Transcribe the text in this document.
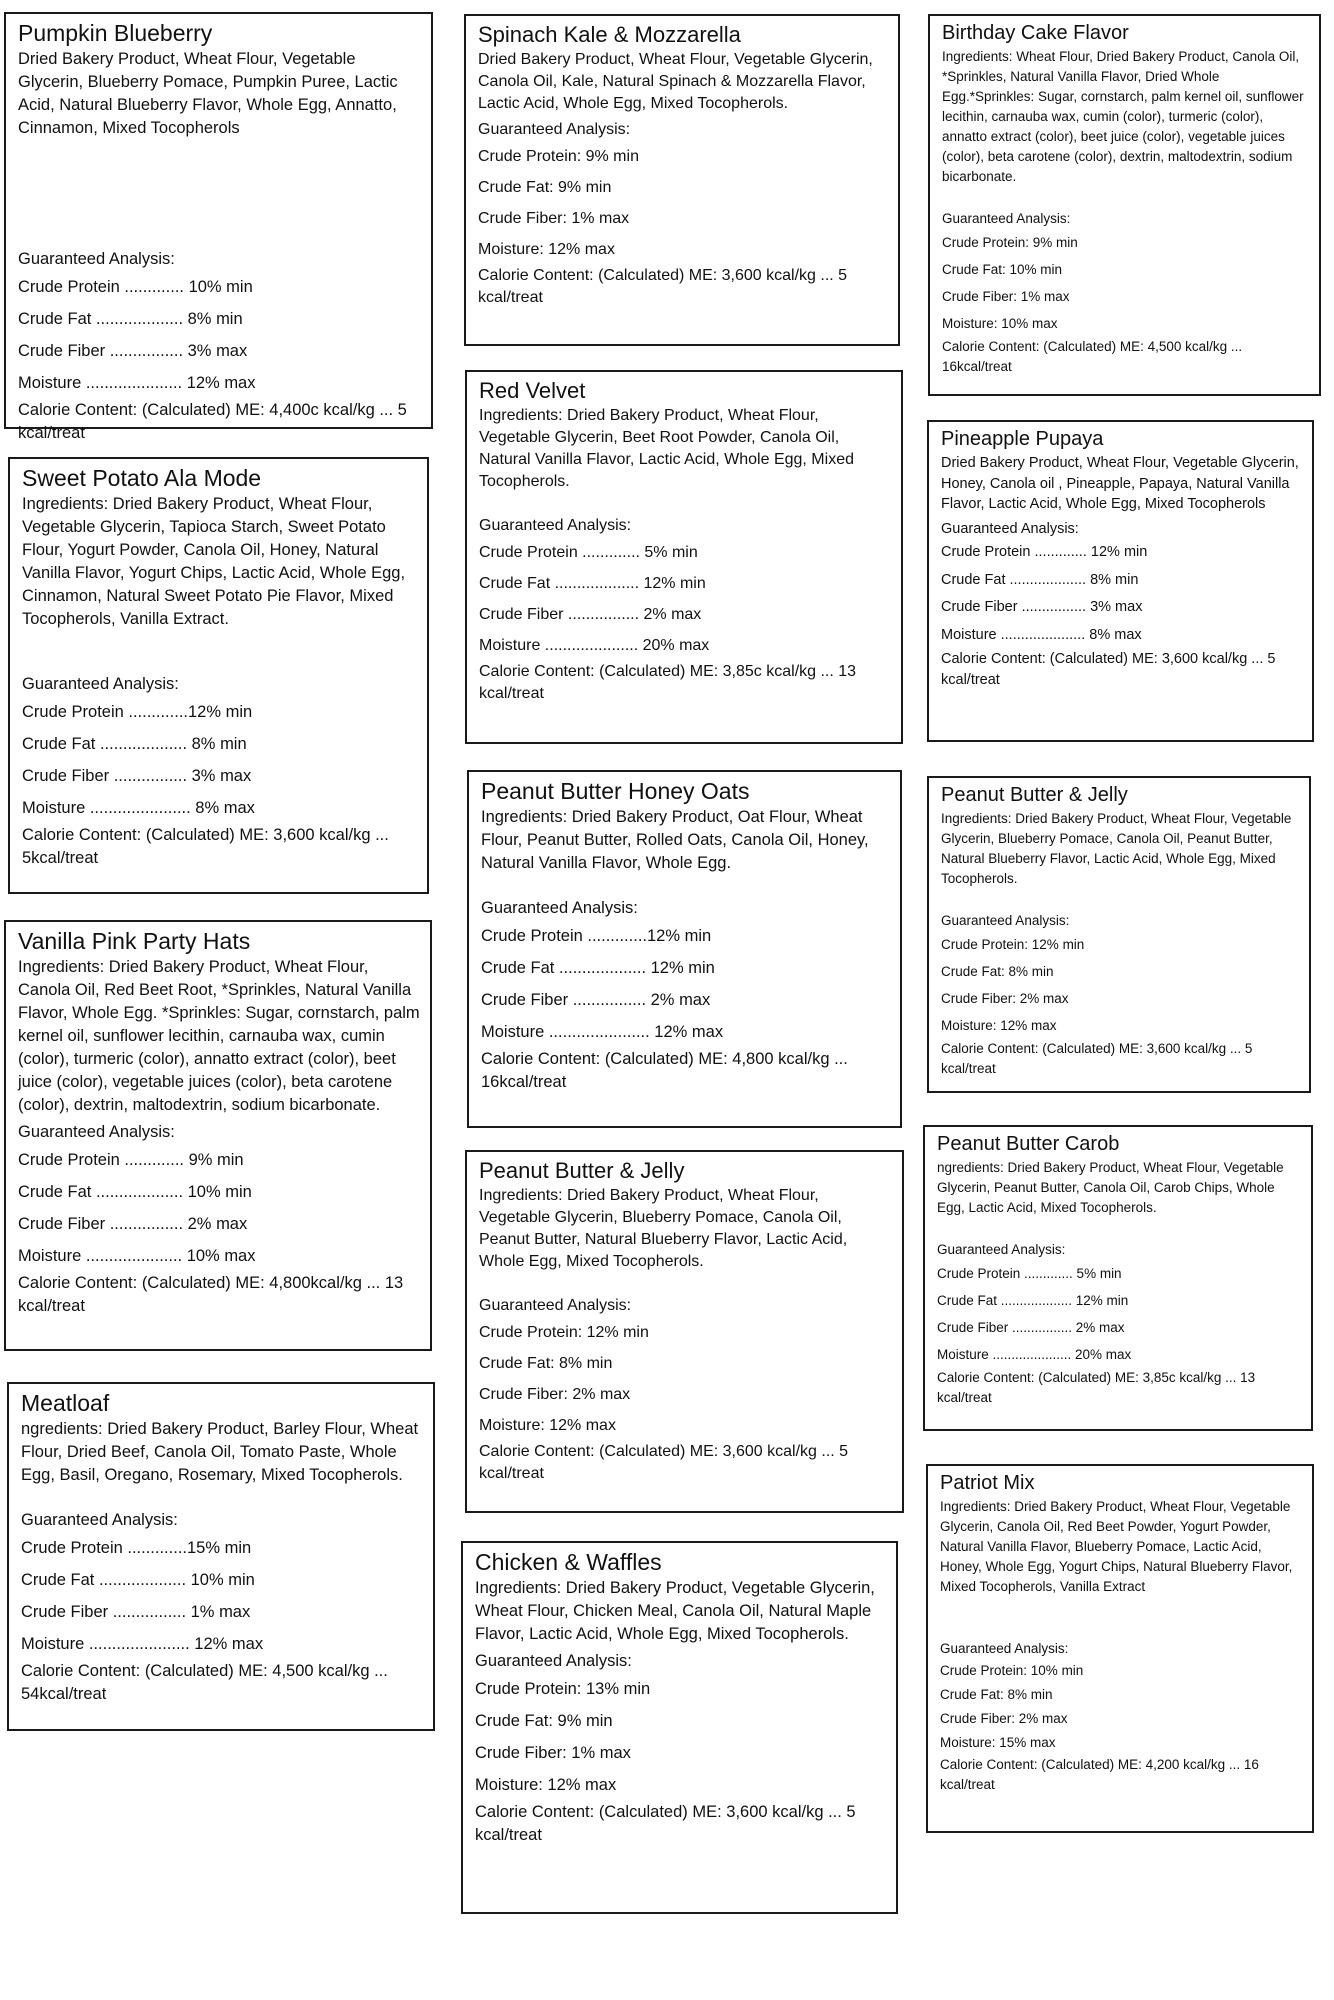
Pumpkin Blueberry

Dried Bakery Product, Wheat Flour, Vegetable Glycerin, Blueberry Pomace, Pumpkin Puree, Lactic Acid, Natural Blueberry Flavor, Whole Egg, Annatto, Cinnamon, Mixed Tocopherols

Guaranteed Analysis:

Crude Protein ............. 10% min

Crude Fat ................... 8% min

Crude Fiber ................ 3% max

Moisture ..................... 12% max

Calorie Content: (Calculated) ME: 4,400c kcal/kg ... 5 kcal/treat

Sweet Potato Ala Mode

Ingredients: Dried Bakery Product, Wheat Flour, Vegetable Glycerin, Tapioca Starch, Sweet Potato Flour, Yogurt Powder, Canola Oil, Honey, Natural Vanilla Flavor, Yogurt Chips, Lactic Acid, Whole Egg, Cinnamon, Natural Sweet Potato Pie Flavor, Mixed Tocopherols, Vanilla Extract.

Guaranteed Analysis:

Crude Protein .............12% min

Crude Fat ................... 8% min

Crude Fiber ................ 3% max

Moisture ...................... 8% max

Calorie Content: (Calculated) ME: 3,600 kcal/kg ... 5kcal/treat

Vanilla Pink Party Hats

Ingredients: Dried Bakery Product, Wheat Flour, Canola Oil, Red Beet Root, *Sprinkles, Natural Vanilla Flavor, Whole Egg. *Sprinkles: Sugar, cornstarch, palm kernel oil, sunflower lecithin, carnauba wax, cumin (color), turmeric (color), annatto extract (color), beet juice (color), vegetable juices (color), beta carotene (color), dextrin, maltodextrin, sodium bicarbonate.

Guaranteed Analysis:

Crude Protein ............. 9% min

Crude Fat ................... 10% min

Crude Fiber ................ 2% max

Moisture ..................... 10% max

Calorie Content: (Calculated) ME: 4,800kcal/kg ... 13 kcal/treat

Meatloaf

ngredients: Dried Bakery Product, Barley Flour, Wheat Flour, Dried Beef, Canola Oil, Tomato Paste, Whole Egg, Basil, Oregano, Rosemary, Mixed Tocopherols.

Guaranteed Analysis:

Crude Protein .............15% min

Crude Fat ................... 10% min

Crude Fiber ................ 1% max

Moisture ...................... 12% max

Calorie Content: (Calculated) ME: 4,500 kcal/kg ... 54kcal/treat

Spinach Kale & Mozzarella

Dried Bakery Product, Wheat Flour, Vegetable Glycerin, Canola Oil, Kale, Natural Spinach & Mozzarella Flavor, Lactic Acid, Whole Egg, Mixed Tocopherols.

Guaranteed Analysis:

Crude Protein: 9% min

Crude Fat: 9% min

Crude Fiber: 1% max

Moisture: 12% max

Calorie Content: (Calculated) ME: 3,600 kcal/kg ... 5 kcal/treat

Red Velvet

Ingredients: Dried Bakery Product, Wheat Flour, Vegetable Glycerin, Beet Root Powder, Canola Oil, Natural Vanilla Flavor, Lactic Acid, Whole Egg, Mixed Tocopherols.

Guaranteed Analysis:

Crude Protein ............. 5% min

Crude Fat ................... 12% min

Crude Fiber ................ 2% max

Moisture ..................... 20% max

Calorie Content: (Calculated) ME: 3,85c kcal/kg ... 13 kcal/treat

Peanut Butter Honey Oats

Ingredients: Dried Bakery Product, Oat Flour, Wheat Flour, Peanut Butter, Rolled Oats, Canola Oil, Honey, Natural Vanilla Flavor, Whole Egg.

Guaranteed Analysis:

Crude Protein .............12% min

Crude Fat ................... 12% min

Crude Fiber ................ 2% max

Moisture ...................... 12% max

Calorie Content: (Calculated) ME: 4,800 kcal/kg ... 16kcal/treat

Peanut Butter & Jelly

Ingredients: Dried Bakery Product, Wheat Flour, Vegetable Glycerin, Blueberry Pomace, Canola Oil, Peanut Butter, Natural Blueberry Flavor, Lactic Acid, Whole Egg, Mixed Tocopherols.

Guaranteed Analysis:

Crude Protein: 12% min

Crude Fat: 8% min

Crude Fiber: 2% max

Moisture: 12% max

Calorie Content: (Calculated) ME: 3,600 kcal/kg ... 5 kcal/treat

Chicken & Waffles

Ingredients: Dried Bakery Product, Vegetable Glycerin, Wheat Flour, Chicken Meal, Canola Oil, Natural Maple Flavor, Lactic Acid, Whole Egg, Mixed Tocopherols.

Guaranteed Analysis:

Crude Protein: 13% min

Crude Fat: 9% min

Crude Fiber: 1% max

Moisture: 12% max

Calorie Content: (Calculated) ME: 3,600 kcal/kg ... 5 kcal/treat

Birthday Cake Flavor

Ingredients: Wheat Flour, Dried Bakery Product, Canola Oil, *Sprinkles, Natural Vanilla Flavor, Dried Whole Egg.*Sprinkles: Sugar, cornstarch, palm kernel oil, sunflower lecithin, carnauba wax, cumin (color), turmeric (color), annatto extract (color), beet juice (color), vegetable juices (color), beta carotene (color), dextrin, maltodextrin, sodium bicarbonate.

Guaranteed Analysis:

Crude Protein: 9% min

Crude Fat: 10% min

Crude Fiber: 1% max

Moisture: 10% max

Calorie Content: (Calculated) ME: 4,500 kcal/kg ... 16kcal/treat

Pineapple Pupaya

Dried Bakery Product, Wheat Flour, Vegetable Glycerin, Honey, Canola oil , Pineapple, Papaya, Natural Vanilla Flavor, Lactic Acid, Whole Egg, Mixed Tocopherols

Guaranteed Analysis:

Crude Protein ............. 12% min

Crude Fat ................... 8% min

Crude Fiber ................ 3% max

Moisture ..................... 8% max

Calorie Content: (Calculated) ME: 3,600 kcal/kg ... 5 kcal/treat

Peanut Butter & Jelly

Ingredients: Dried Bakery Product, Wheat Flour, Vegetable Glycerin, Blueberry Pomace, Canola Oil, Peanut Butter, Natural Blueberry Flavor, Lactic Acid, Whole Egg, Mixed Tocopherols.

Guaranteed Analysis:

Crude Protein: 12% min

Crude Fat: 8% min

Crude Fiber: 2% max

Moisture: 12% max

Calorie Content: (Calculated) ME: 3,600 kcal/kg ... 5 kcal/treat

Peanut Butter Carob

ngredients: Dried Bakery Product, Wheat Flour, Vegetable Glycerin, Peanut Butter, Canola Oil, Carob Chips, Whole Egg, Lactic Acid, Mixed Tocopherols.

Guaranteed Analysis:

Crude Protein ............. 5% min

Crude Fat ................... 12% min

Crude Fiber ................ 2% max

Moisture ..................... 20% max

Calorie Content: (Calculated) ME: 3,85c kcal/kg ... 13 kcal/treat

Patriot Mix

Ingredients: Dried Bakery Product, Wheat Flour, Vegetable Glycerin, Canola Oil, Red Beet Powder, Yogurt Powder, Natural Vanilla Flavor, Blueberry Pomace, Lactic Acid, Honey, Whole Egg, Yogurt Chips, Natural Blueberry Flavor, Mixed Tocopherols, Vanilla Extract

Guaranteed Analysis:

Crude Protein: 10% min

Crude Fat: 8% min

Crude Fiber: 2% max

Moisture: 15% max

Calorie Content: (Calculated) ME: 4,200 kcal/kg ... 16 kcal/treat
